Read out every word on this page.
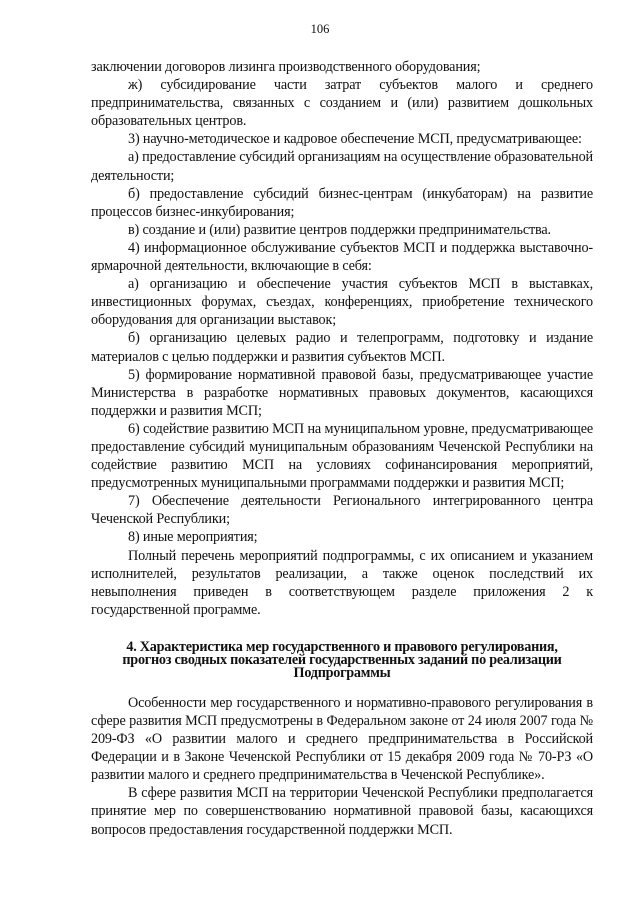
106

заключении договоров лизинга производственного оборудования;

ж) субсидирование части затрат субъектов малого и среднего предпринимательства, связанных с созданием и (или) развитием дошкольных образовательных центров.

3) научно-методическое и кадровое обеспечение МСП, предусматривающее:

а) предоставление субсидий организациям на осуществление образовательной деятельности;

б) предоставление субсидий бизнес-центрам (инкубаторам) на развитие процессов бизнес-инкубирования;

в) создание и (или) развитие центров поддержки предпринимательства.

4) информационное обслуживание субъектов МСП и поддержка выставочно-ярмарочной деятельности, включающие в себя:

а) организацию и обеспечение участия субъектов МСП в выставках, инвестиционных форумах, съездах, конференциях, приобретение технического оборудования для организации выставок;

б) организацию целевых радио и телепрограмм, подготовку и издание материалов с целью поддержки и развития субъектов МСП.

5) формирование нормативной правовой базы, предусматривающее участие Министерства в разработке нормативных правовых документов, касающихся поддержки и развития МСП;

6) содействие развитию МСП на муниципальном уровне, предусматривающее предоставление субсидий муниципальным образованиям Чеченской Республики на содействие развитию МСП на условиях софинансирования мероприятий, предусмотренных муниципальными программами поддержки и развития МСП;

7) Обеспечение деятельности Регионального интегрированного центра Чеченской Республики;

8) иные мероприятия;

Полный перечень мероприятий подпрограммы, с их описанием и указанием исполнителей, результатов реализации, а также оценок последствий их невыполнения приведен в соответствующем разделе приложения 2 к государственной программе.

4. Характеристика мер государственного и правового регулирования,
прогноз сводных показателей государственных заданий по реализации
Подпрограммы

Особенности мер государственного и нормативно-правового регулирования в сфере развития МСП предусмотрены в Федеральном законе от 24 июля 2007 года № 209-ФЗ «О развитии малого и среднего предпринимательства в Российской Федерации и в Законе Чеченской Республики от 15 декабря 2009 года № 70-РЗ «О развитии малого и среднего предпринимательства в Чеченской Республике».

В сфере развития МСП на территории Чеченской Республики предполагается принятие мер по совершенствованию нормативной правовой базы, касающихся вопросов предоставления государственной поддержки МСП.
